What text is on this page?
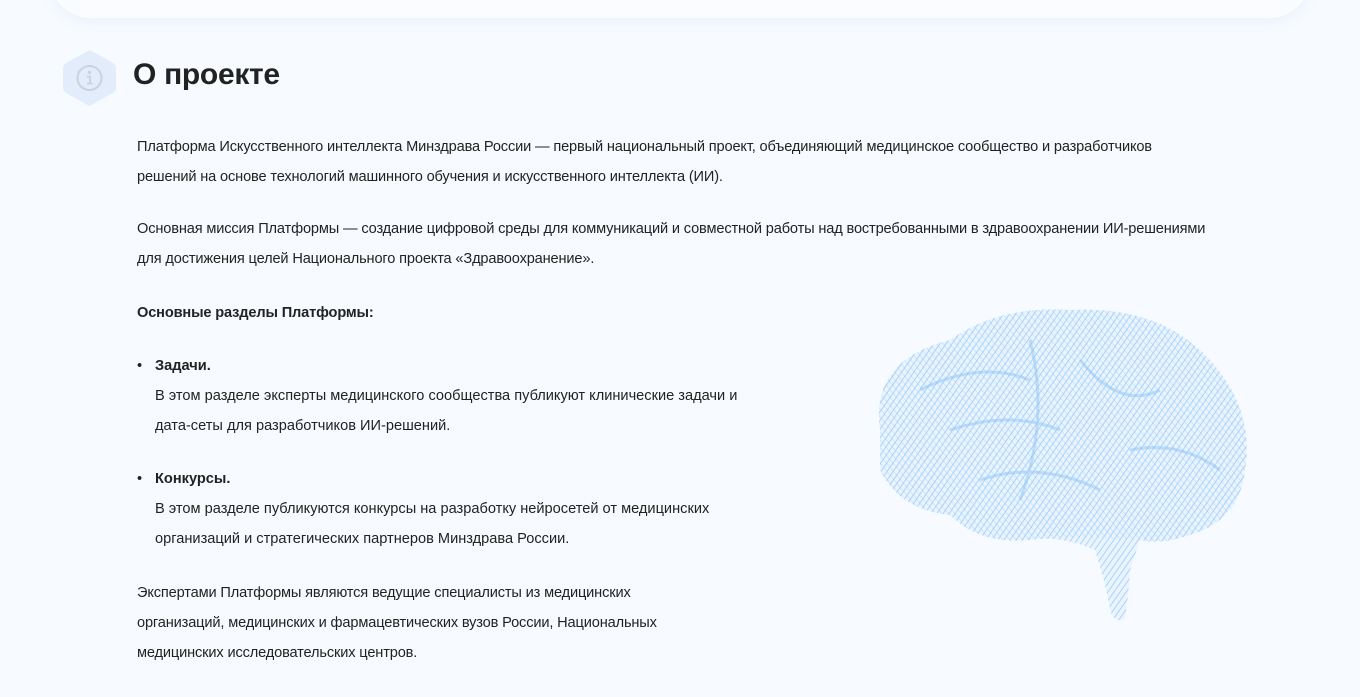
О проекте
Платформа Искусственного интеллекта Минздрава России — первый национальный проект, объединяющий медицинское сообщество и разработчиков
решений на основе технологий машинного обучения и искусственного интеллекта (ИИ).
Основная миссия Платформы — создание цифровой среды для коммуникаций и совместной работы над востребованными в здравоохранении ИИ-решениями
для достижения целей Национального проекта «Здравоохранение».
Основные разделы Платформы:
• Задачи.
В этом разделе эксперты медицинского сообщества публикуют клинические задачи и
дата-сеты для разработчиков ИИ-решений.
• Конкурсы.
В этом разделе публикуются конкурсы на разработку нейросетей от медицинских
организаций и стратегических партнеров Минздрава России.
Экспертами Платформы являются ведущие специалисты из медицинских
организаций, медицинских и фармацевтических вузов России, Национальных
медицинских исследовательских центров.
